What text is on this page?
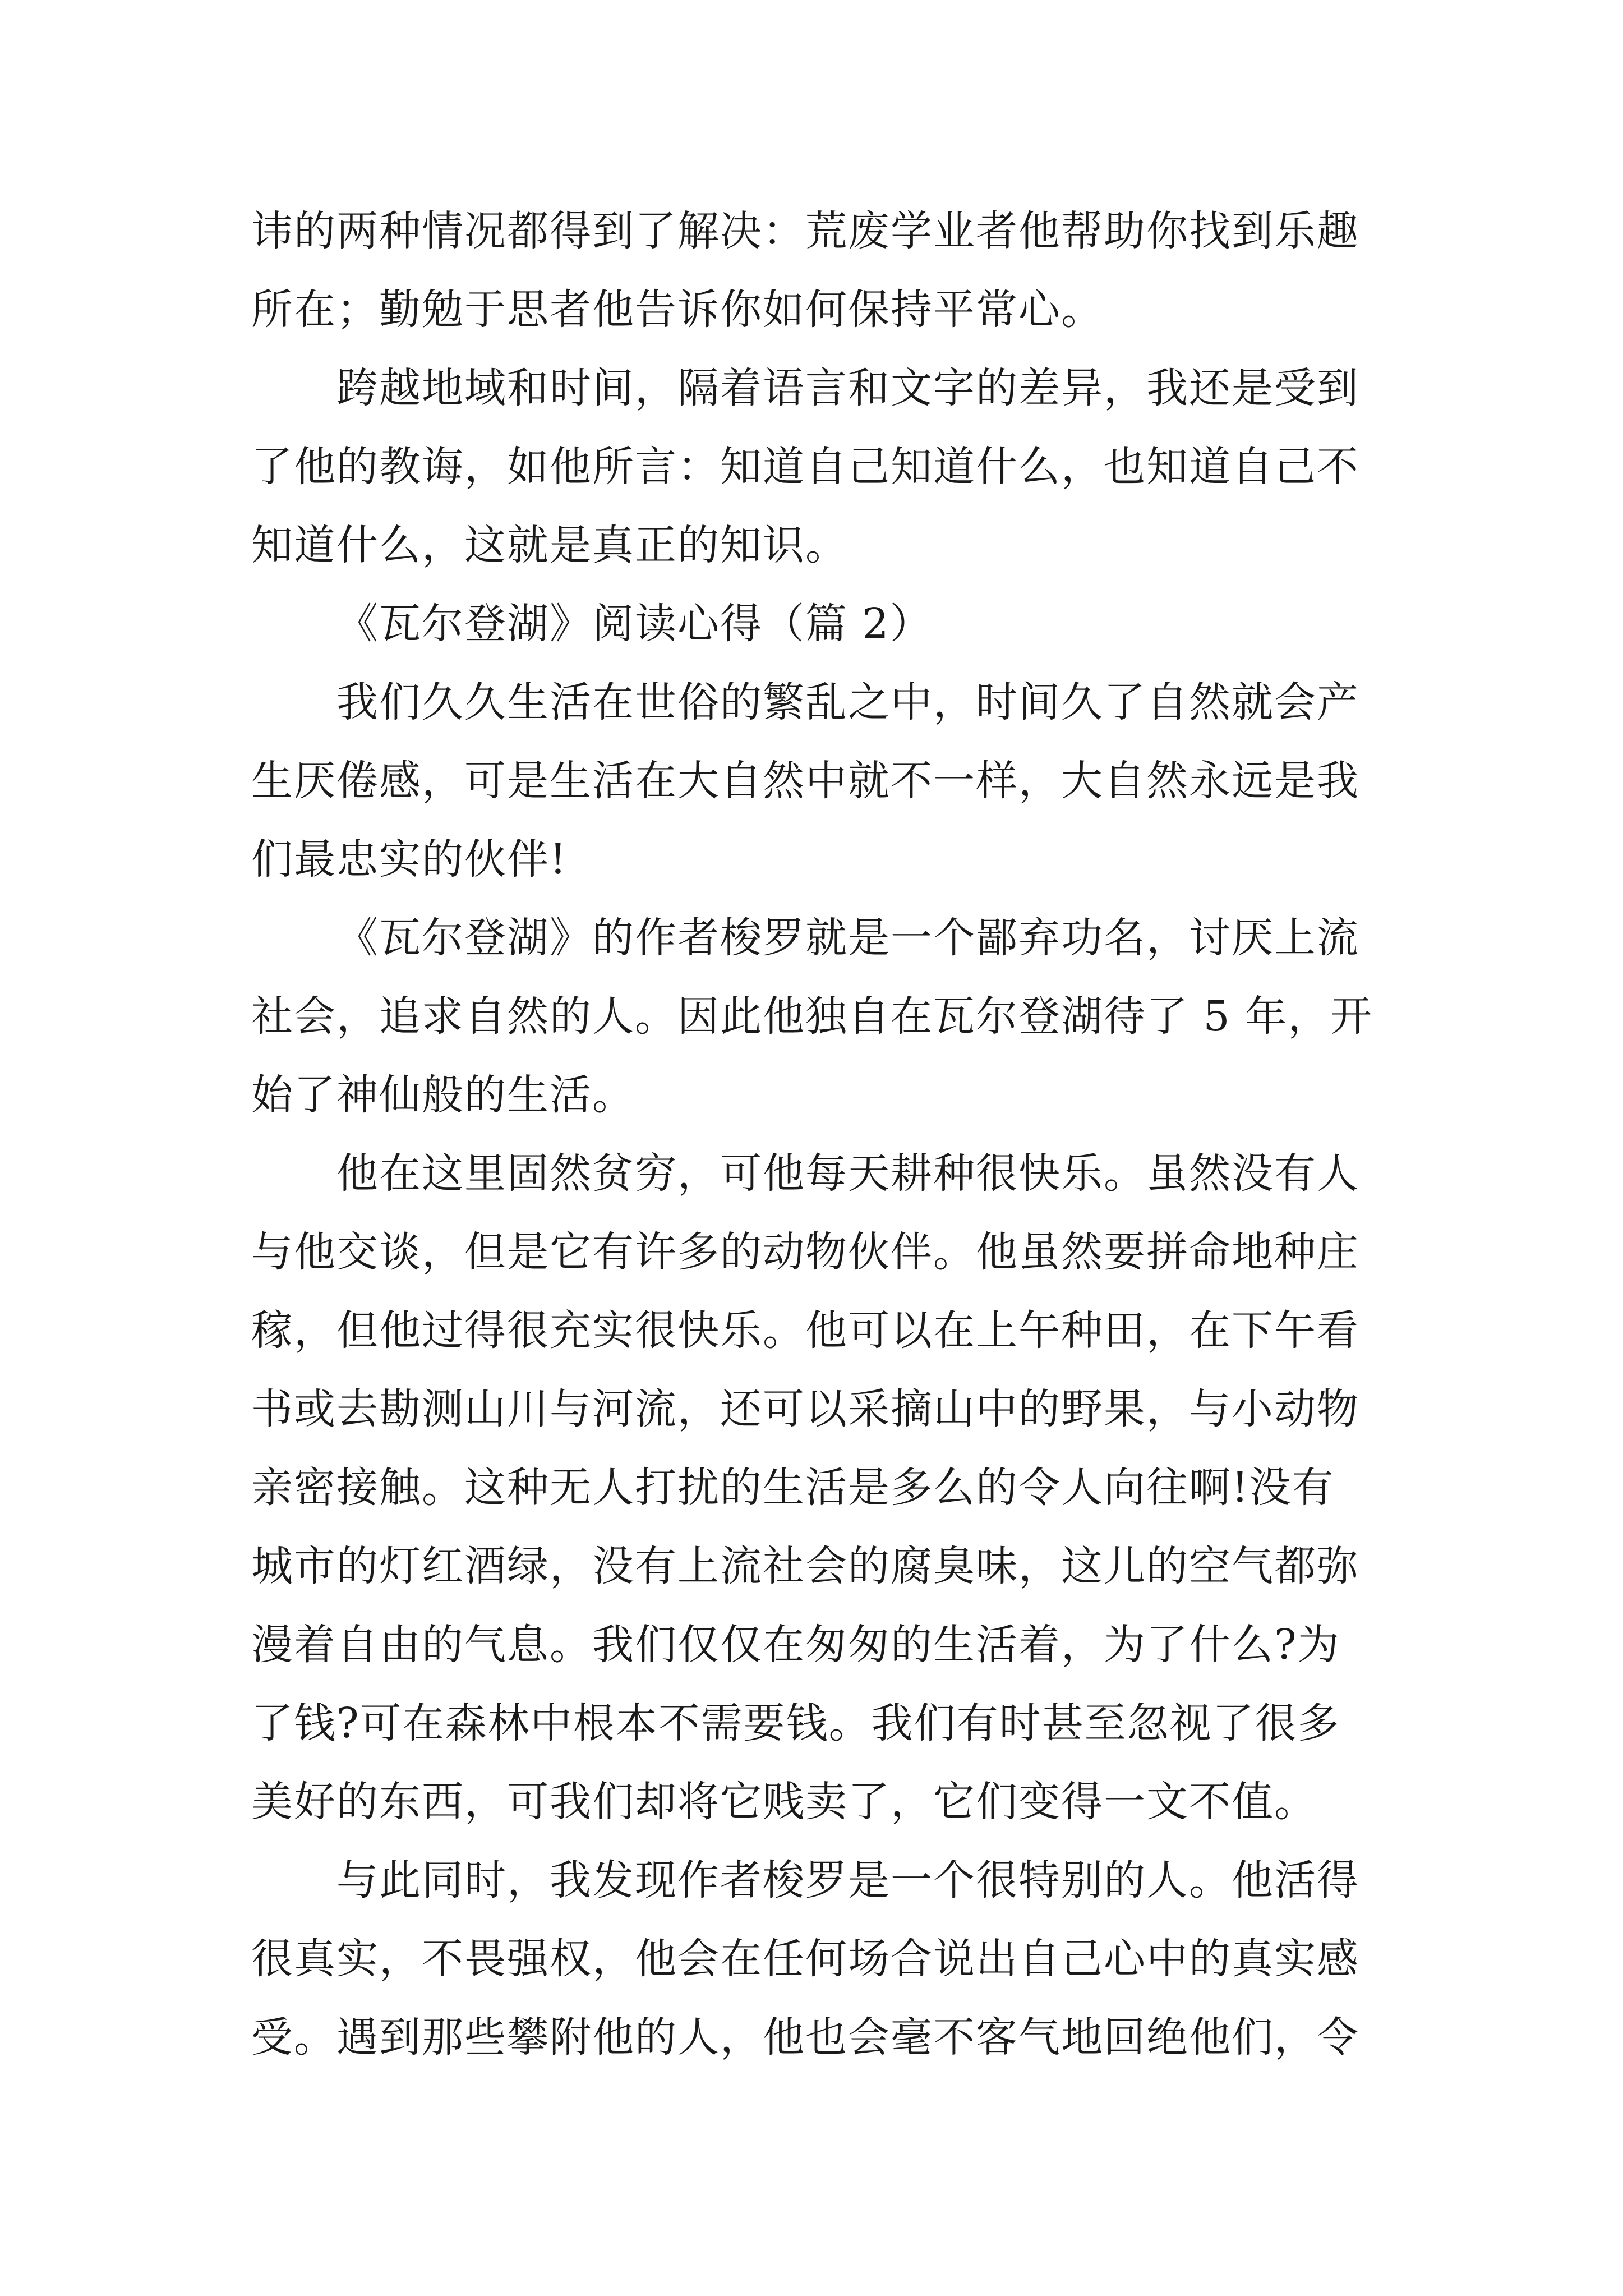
讳的两种情况都得到了解决：荒废学业者他帮助你找到乐趣
所在；勤勉于思者他告诉你如何保持平常心。
跨越地域和时间，隔着语言和文字的差异，我还是受到
了他的教诲，如他所言：知道自己知道什么，也知道自己不
知道什么，这就是真正的知识。
《瓦尔登湖》阅读心得（篇 2）
我们久久生活在世俗的繁乱之中，时间久了自然就会产
生厌倦感，可是生活在大自然中就不一样，大自然永远是我
们最忠实的伙伴!
《瓦尔登湖》的作者梭罗就是一个鄙弃功名，讨厌上流
社会，追求自然的人。因此他独自在瓦尔登湖待了 5 年，开
始了神仙般的生活。
他在这里固然贫穷，可他每天耕种很快乐。虽然没有人
与他交谈，但是它有许多的动物伙伴。他虽然要拼命地种庄
稼，但他过得很充实很快乐。他可以在上午种田，在下午看
书或去勘测山川与河流，还可以采摘山中的野果，与小动物
亲密接触。这种无人打扰的生活是多么的令人向往啊!没有
城市的灯红酒绿，没有上流社会的腐臭味，这儿的空气都弥
漫着自由的气息。我们仅仅在匆匆的生活着，为了什么?为
了钱?可在森林中根本不需要钱。我们有时甚至忽视了很多
美好的东西，可我们却将它贱卖了，它们变得一文不值。
与此同时，我发现作者梭罗是一个很特别的人。他活得
很真实，不畏强权，他会在任何场合说出自己心中的真实感
受。遇到那些攀附他的人，他也会毫不客气地回绝他们，令
